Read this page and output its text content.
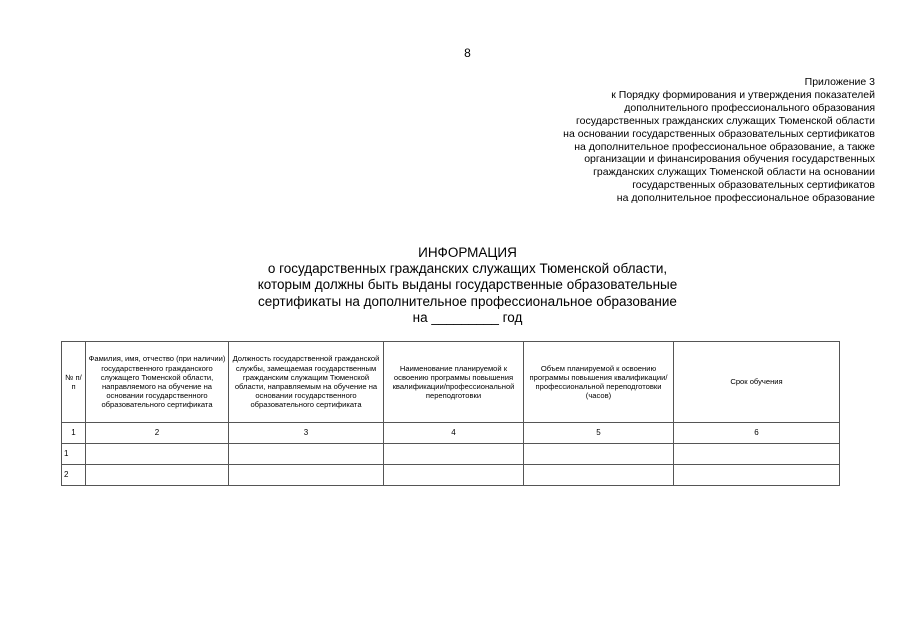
8
Приложение 3
к Порядку формирования и утверждения показателей
дополнительного профессионального образования
государственных гражданских служащих Тюменской области
на основании государственных образовательных сертификатов
на дополнительное профессиональное образование, а также
организации и финансирования обучения государственных
гражданских служащих Тюменской области на основании
государственных образовательных сертификатов
на дополнительное профессиональное образование
ИНФОРМАЦИЯ
о государственных гражданских служащих Тюменской области,
которым должны быть выданы государственные образовательные
сертификаты на дополнительное профессиональное образование
на _________ год
№ п/п	Фамилия, имя, отчество (при наличии) государственного гражданского служащего Тюменской области, направляемого на обучение на основании государственного образовательного сертификата	Должность государственной гражданской службы, замещаемая государственным гражданским служащим Тюменской области, направляемым на обучение на основании государственного образовательного сертификата	Наименование планируемой к освоению программы повышения квалификации/профессиональной переподготовки	Объем планируемой к освоению программы повышения квалификации/профессиональной переподготовки (часов)	Срок обучения
1	2	3	4	5	6
1					
2					
